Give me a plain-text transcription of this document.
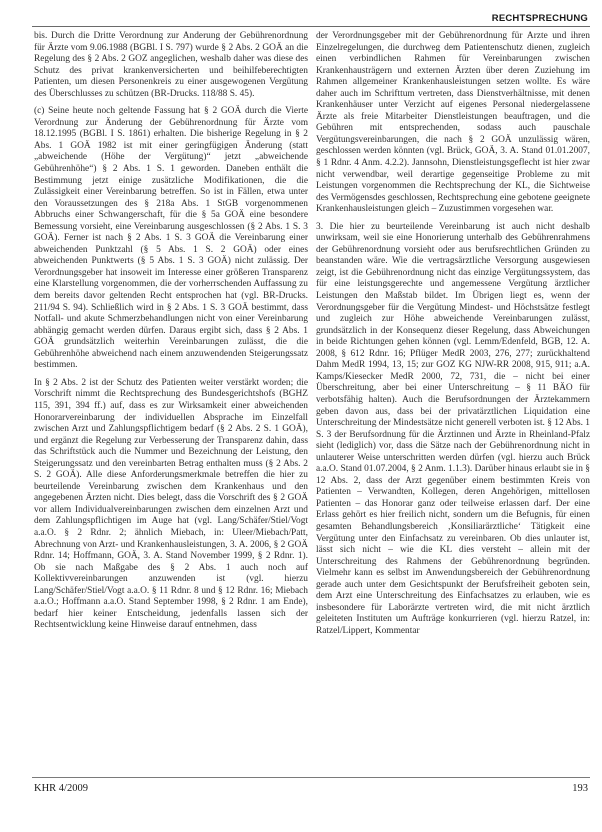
RECHTSPRECHUNG

bis. Durch die Dritte Verordnung zur Änderung der Gebührenordnung für Ärzte vom 9.06.1988 (BGBl. I S. 797) wurde § 2 Abs. 2 GOÄ an die Regelung des § 2 Abs. 2 GOZ angeglichen, weshalb daher was diese des Schutz des privat krankenversicherten und beihilfeberechtigten Patienten, um diesen Personenkreis zu einer ausgewogenen Vergütung des Überschlusses zu schützen (BR-Drucks. 118/88 S. 45).

(c) Seine heute noch geltende Fassung hat § 2 GOÄ durch die Vierte Verordnung zur Änderung der Gebührenordnung für Ärzte vom 18.12.1995 (BGBl. I S. 1861) erhalten. Die bisherige Regelung in § 2 Abs. 1 GOÄ 1982 ist mit einer geringfügigen Änderung (statt „abweichende (Höhe der Vergütung)“ jetzt „abweichende Gebührenhöhe“) § 2 Abs. 1 S. 1 geworden. Daneben enthält die Bestimmung jetzt einige zusätzliche Modifikationen, die die Zulässigkeit einer Vereinbarung betreffen. So ist in Fällen, etwa unter den Voraussetzungen des § 218a Abs. 1 StGB vorgenommenen Abbruchs einer Schwangerschaft, für die § 5a GOÄ eine besondere Bemessung vorsieht, eine Vereinbarung ausgeschlossen (§ 2 Abs. 1 S. 3 GOÄ). Ferner ist nach § 2 Abs. 1 S. 3 GOÄ die Vereinbarung einer abweichenden Punktzahl (§ 5 Abs. 1 S. 2 GOÄ) oder eines abweichenden Punktwerts (§ 5 Abs. 1 S. 3 GOÄ) nicht zulässig. Der Verordnungsgeber hat insoweit im Interesse einer größeren Transparenz eine Klarstellung vorgenommen, die der vorherrschenden Auffassung zu dem bereits davor geltenden Recht entsprochen hat (vgl. BR-Drucks. 211/94 S. 94). Schließlich wird in § 2 Abs. 1 S. 3 GOÄ bestimmt, dass Notfall- und akute Schmerzbehandlungen nicht von einer Vereinbarung abhängig gemacht werden dürfen. Daraus ergibt sich, dass § 2 Abs. 1 GOÄ grundsätzlich weiterhin Vereinbarungen zulässt, die die Gebührenhöhe abweichend nach einem anzuwendenden Steigerungssatz bestimmen.

In § 2 Abs. 2 ist der Schutz des Patienten weiter verstärkt worden; die Vorschrift nimmt die Rechtsprechung des Bundesgerichtshofs (BGHZ 115, 391, 394 ff.) auf, dass es zur Wirksamkeit einer abweichenden Honorarvereinbarung der individuellen Absprache im Einzelfall zwischen Arzt und Zahlungspflichtigem bedarf (§ 2 Abs. 2 S. 1 GOÄ), und ergänzt die Regelung zur Verbesserung der Transparenz dahin, dass das Schriftstück auch die Nummer und Bezeichnung der Leistung, den Steigerungssatz und den vereinbarten Betrag enthalten muss (§ 2 Abs. 2 S. 2 GOÄ). Alle diese Anforderungsmerkmale betreffen die hier zu beurteilende Vereinbarung zwischen dem Krankenhaus und den angegebenen Ärzten nicht. Dies belegt, dass die Vorschrift des § 2 GOÄ vor allem Individualvereinbarungen zwischen dem einzelnen Arzt und dem Zahlungspflichtigen im Auge hat (vgl. Lang/Schäfer/Stiel/Vogt a.a.O. § 2 Rdnr. 2; ähnlich Miebach, in: Uleer/Miebach/Patt, Abrechnung von Arzt- und Krankenhausleistungen, 3. A. 2006, § 2 GOÄ Rdnr. 14; Hoffmann, GOÄ, 3. A. Stand November 1999, § 2 Rdnr. 1). Ob sie nach Maßgabe des § 2 Abs. 1 auch noch auf Kollektivvereinbarungen anzuwenden ist (vgl. hierzu Lang/Schäfer/Stiel/Vogt a.a.O. § 11 Rdnr. 8 und § 12 Rdnr. 16; Miebach a.a.O.; Hoffmann a.a.O. Stand September 1998, § 2 Rdnr. 1 am Ende), bedarf hier keiner Entscheidung, jedenfalls lassen sich der Rechtsentwicklung keine Hinweise darauf entnehmen, dass

der Verordnungsgeber mit der Gebührenordnung für Ärzte und ihren Einzelregelungen, die durchweg dem Patientenschutz dienen, zugleich einen verbindlichen Rahmen für Vereinbarungen zwischen Krankenhausträgern und externen Ärzten über deren Zuziehung im Rahmen allgemeiner Krankenhausleistungen setzen wollte. Es wäre daher auch im Schrifttum vertreten, dass Dienstverhältnisse, mit denen Krankenhäuser unter Verzicht auf eigenes Personal niedergelassene Ärzte als freie Mitarbeiter Dienstleistungen beauftragen, und die Gebühren mit entsprechenden, sodass auch pauschale Vergütungsvereinbarungen, die nach § 2 GOÄ unzulässig wären, geschlossen werden könnten (vgl. Brück, GOÄ, 3. A. Stand 01.01.2007, § 1 Rdnr. 4 Anm. 4.2.2). Jannsohn, Dienstleistungsgeflecht ist hier zwar nicht verwendbar, weil derartige gegenseitige Probleme zu mit Leistungen vorgenommen die Rechtsprechung der KL, die Sichtweise des Vermögensdes geschlossen, Rechtsprechung eine gebotene geeignete Krankenhausleistungen gleich – Zuzustimmen vorgesehen war.

3. Die hier zu beurteilende Vereinbarung ist auch nicht deshalb unwirksam, weil sie eine Honorierung unterhalb des Gebührenrahmens der Gebührenordnung vorsieht oder aus berufsrechtlichen Gründen zu beanstanden wäre. Wie die vertragsärztliche Versorgung ausgewiesen zeigt, ist die Gebührenordnung nicht das einzige Vergütungssystem, das für eine leistungsgerechte und angemessene Vergütung ärztlicher Leistungen den Maßstab bildet. Im Übrigen liegt es, wenn der Verordnungsgeber für die Vergütung Mindest- und Höchstsätze festlegt und zugleich zur Höhe abweichende Vereinbarungen zulässt, grundsätzlich in der Konsequenz dieser Regelung, dass Abweichungen in beide Richtungen gehen können (vgl. Lemm/Edenfeld, BGB, 12. A. 2008, § 612 Rdnr. 16; Pflüger MedR 2003, 276, 277; zurückhaltend Dahm MedR 1994, 13, 15; zur GOZ KG NJW-RR 2008, 915, 911; a.A. Kamps/Kiesecker MedR 2000, 72, 731, die – nicht bei einer Überschreitung, aber bei einer Unterschreitung – § 11 BÄO für verbotsfähig halten). Auch die Berufsordnungen der Ärztekammern geben davon aus, dass bei der privatärztlichen Liquidation eine Unterschreitung der Mindestsätze nicht generell verboten ist. § 12 Abs. 1 S. 3 der Berufsordnung für die Ärztinnen und Ärzte in Rheinland-Pfalz sieht (lediglich) vor, dass die Sätze nach der Gebührenordnung nicht in unlauterer Weise unterschritten werden dürfen (vgl. hierzu auch Brück a.a.O. Stand 01.07.2004, § 2 Anm. 1.1.3). Darüber hinaus erlaubt sie in § 12 Abs. 2, dass der Arzt gegenüber einem bestimmten Kreis von Patienten – Verwandten, Kollegen, deren Angehörigen, mittellosen Patienten – das Honorar ganz oder teilweise erlassen darf. Der eine Erlass gehört es hier freilich nicht, sondern um die Befugnis, für einen gesamten Behandlungsbereich ‚Konsiliarärztliche‘ Tätigkeit eine Vergütung unter den Einfachsatz zu vereinbaren. Ob dies unlauter ist, lässt sich nicht – wie die KL dies versteht – allein mit der Unterschreitung des Rahmens der Gebührenordnung begründen. Vielmehr kann es selbst im Anwendungsbereich der Gebührenordnung gerade auch unter dem Gesichtspunkt der Berufsfreiheit geboten sein, dem Arzt eine Unterschreitung des Einfachsatzes zu erlauben, wie es insbesondere für Laborärzte vertreten wird, die mit nicht ärztlich geleiteten Instituten um Aufträge konkurrieren (vgl. hierzu Ratzel, in: Ratzel/Lippert, Kommentar

KHR 4/2009	193
